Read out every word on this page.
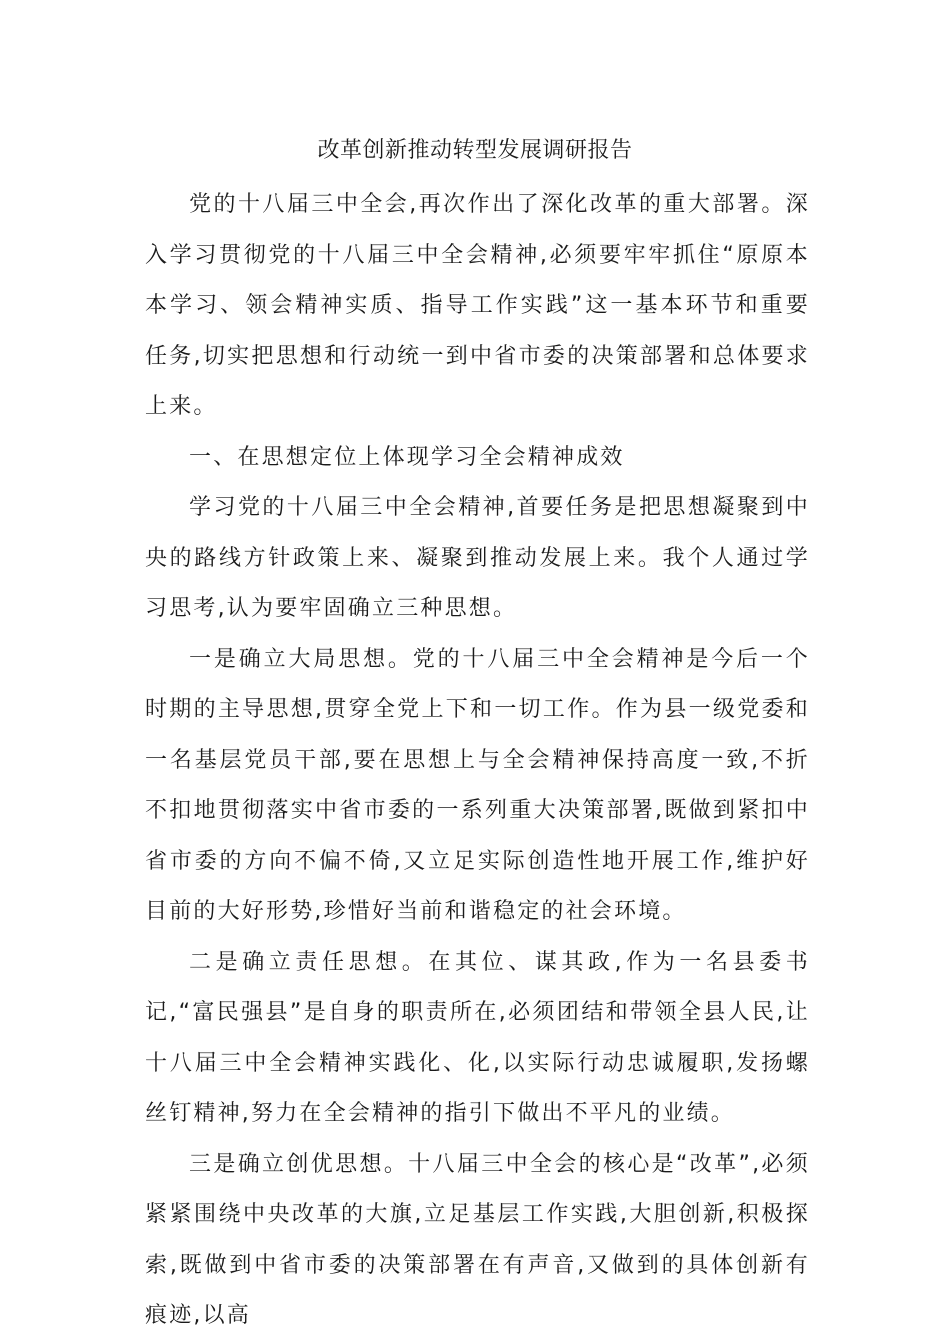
改革创新推动转型发展调研报告

党的十八届三中全会,再次作出了深化改革的重大部署。深入学习贯彻党的十八届三中全会精神,必须要牢牢抓住“原原本本学习、领会精神实质、指导工作实践”这一基本环节和重要任务,切实把思想和行动统一到中省市委的决策部署和总体要求上来。

一、在思想定位上体现学习全会精神成效

学习党的十八届三中全会精神,首要任务是把思想凝聚到中央的路线方针政策上来、凝聚到推动发展上来。我个人通过学习思考,认为要牢固确立三种思想。

一是确立大局思想。党的十八届三中全会精神是今后一个时期的主导思想,贯穿全党上下和一切工作。作为县一级党委和一名基层党员干部,要在思想上与全会精神保持高度一致,不折不扣地贯彻落实中省市委的一系列重大决策部署,既做到紧扣中省市委的方向不偏不倚,又立足实际创造性地开展工作,维护好目前的大好形势,珍惜好当前和谐稳定的社会环境。

二是确立责任思想。在其位、谋其政,作为一名县委书记,“富民强县”是自身的职责所在,必须团结和带领全县人民,让十八届三中全会精神实践化、化,以实际行动忠诚履职,发扬螺丝钉精神,努力在全会精神的指引下做出不平凡的业绩。

三是确立创优思想。十八届三中全会的核心是“改革”,必须紧紧围绕中央改革的大旗,立足基层工作实践,大胆创新,积极探索,既做到中省市委的决策部署在有声音,又做到的具体创新有痕迹,以高
